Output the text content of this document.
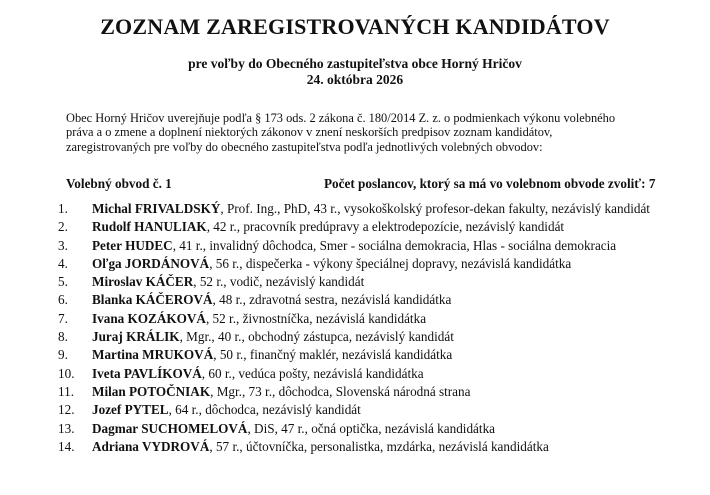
ZOZNAM ZAREGISTROVANÝCH KANDIDÁTOV
pre voľby do Obecného zastupiteľstva obce Horný Hričov
24. októbra 2026
Obec Horný Hričov uverejňuje podľa § 173 ods. 2 zákona č. 180/2014 Z. z. o podmienkach výkonu volebného
práva a o zmene a doplnení niektorých zákonov v znení neskorších predpisov zoznam kandidátov,
zaregistrovaných pre voľby do obecného zastupiteľstva podľa jednotlivých volebných obvodov:
Volebný obvod č. 1	Počet poslancov, ktorý sa má vo volebnom obvode zvoliť: 7
1.	Michal FRIVALDSKÝ, Prof. Ing., PhD, 43 r., vysokoškolský profesor-dekan fakulty, nezávislý kandidát
2.	Rudolf HANULIAK, 42 r., pracovník predúpravy a elektrodepozície, nezávislý kandidát
3.	Peter HUDEC, 41 r., invalidný dôchodca, Smer - sociálna demokracia, Hlas - sociálna demokracia
4.	Oľga JORDÁNOVÁ, 56 r., dispečerka - výkony špeciálnej dopravy, nezávislá kandidátka
5.	Miroslav KÁČER, 52 r., vodič, nezávislý kandidát
6.	Blanka KÁČEROVÁ, 48 r., zdravotná sestra, nezávislá kandidátka
7.	Ivana KOZÁKOVÁ, 52 r., živnostníčka, nezávislá kandidátka
8.	Juraj KRÁLIK, Mgr., 40 r., obchodný zástupca, nezávislý kandidát
9.	Martina MRUKOVÁ, 50 r., finančný maklér, nezávislá kandidátka
10.	Iveta PAVLÍKOVÁ, 60 r., vedúca pošty, nezávislá kandidátka
11.	Milan POTOČNIAK, Mgr., 73 r., dôchodca, Slovenská národná strana
12.	Jozef PYTEL, 64 r., dôchodca, nezávislý kandidát
13.	Dagmar SUCHOMELOVÁ, DiS, 47 r., očná optička, nezávislá kandidátka
14.	Adriana VYDROVÁ, 57 r., účtovníčka, personalistka, mzdárka, nezávislá kandidátka
